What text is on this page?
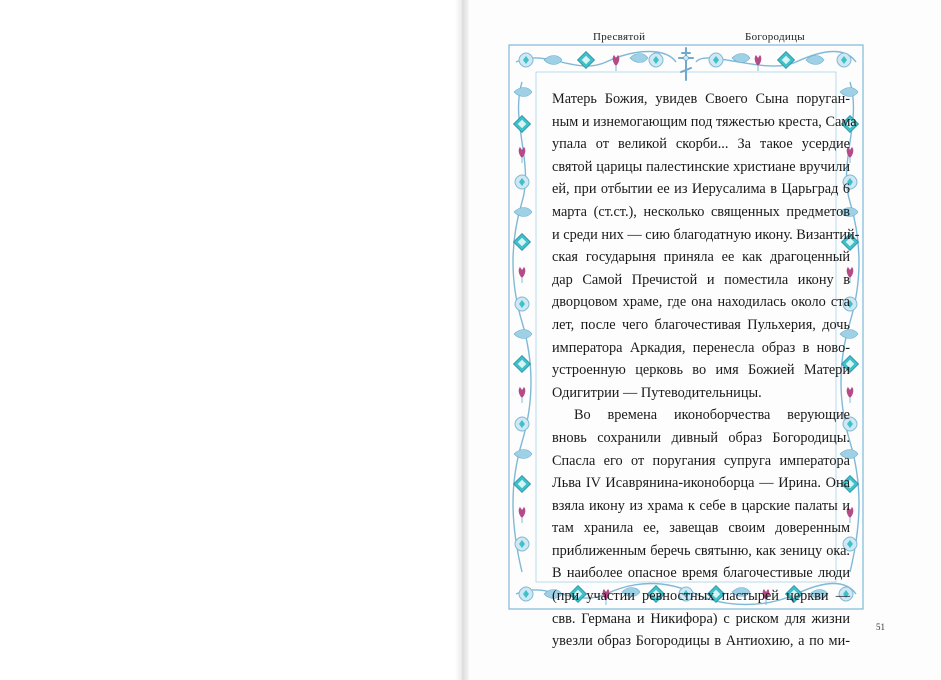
Пресвятой	Богородицы

Матерь Божия, увидев Своего Сына поруган-
ным и изнемогающим под тяжестью креста, Сама
упала от великой скорби... За такое усердие
святой царицы палестинские христиане вручили
ей, при отбытии ее из Иерусалима в Царьград 6
марта (ст.ст.), несколько священных предметов
и среди них — сию благодатную икону. Византий-
ская государыня приняла ее как драгоценный
дар Самой Пречистой и поместила икону в
дворцовом храме, где она находилась около ста
лет, после чего благочестивая Пульхерия, дочь
императора Аркадия, перенесла образ в ново-
устроенную церковь во имя Божией Матери
Одигитрии — Путеводительницы.

Во времена иконоборчества верующие
вновь сохранили дивный образ Богородицы.
Спасла его от поругания супруга императора
Льва IV Исаврянина-иконоборца — Ирина. Она
взяла икону из храма к себе в царские палаты и
там хранила ее, завещав своим доверенным
приближенным беречь святыню, как зеницу ока.
В наиболее опасное время благочестивые люди
(при участии ревностных пастырей церкви —
свв. Германа и Никифора) с риском для жизни
увезли образ Богородицы в Антиохию, а по ми-

51
